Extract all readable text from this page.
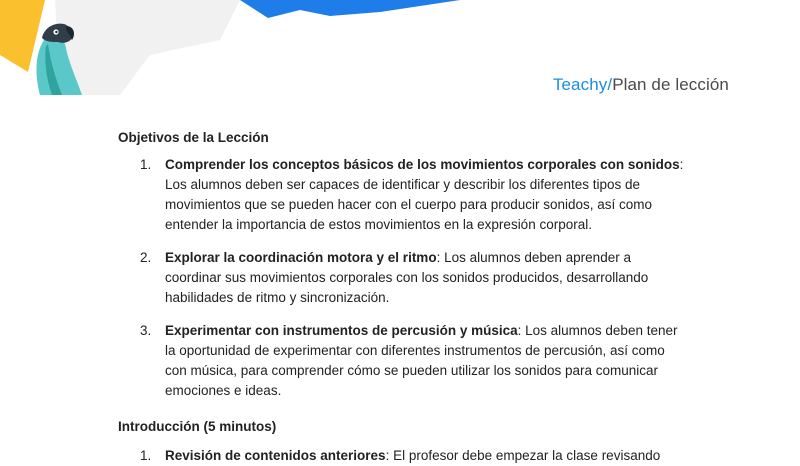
Teachy/Plan de lección
Objetivos de la Lección
1. Comprender los conceptos básicos de los movimientos corporales con sonidos:
Los alumnos deben ser capaces de identificar y describir los diferentes tipos de movimientos que se pueden hacer con el cuerpo para producir sonidos, así como entender la importancia de estos movimientos en la expresión corporal.
2. Explorar la coordinación motora y el ritmo: Los alumnos deben aprender a coordinar sus movimientos corporales con los sonidos producidos, desarrollando habilidades de ritmo y sincronización.
3. Experimentar con instrumentos de percusión y música: Los alumnos deben tener la oportunidad de experimentar con diferentes instrumentos de percusión, así como con música, para comprender cómo se pueden utilizar los sonidos para comunicar emociones e ideas.
Introducción (5 minutos)
1. Revisión de contenidos anteriores: El profesor debe empezar la clase revisando
